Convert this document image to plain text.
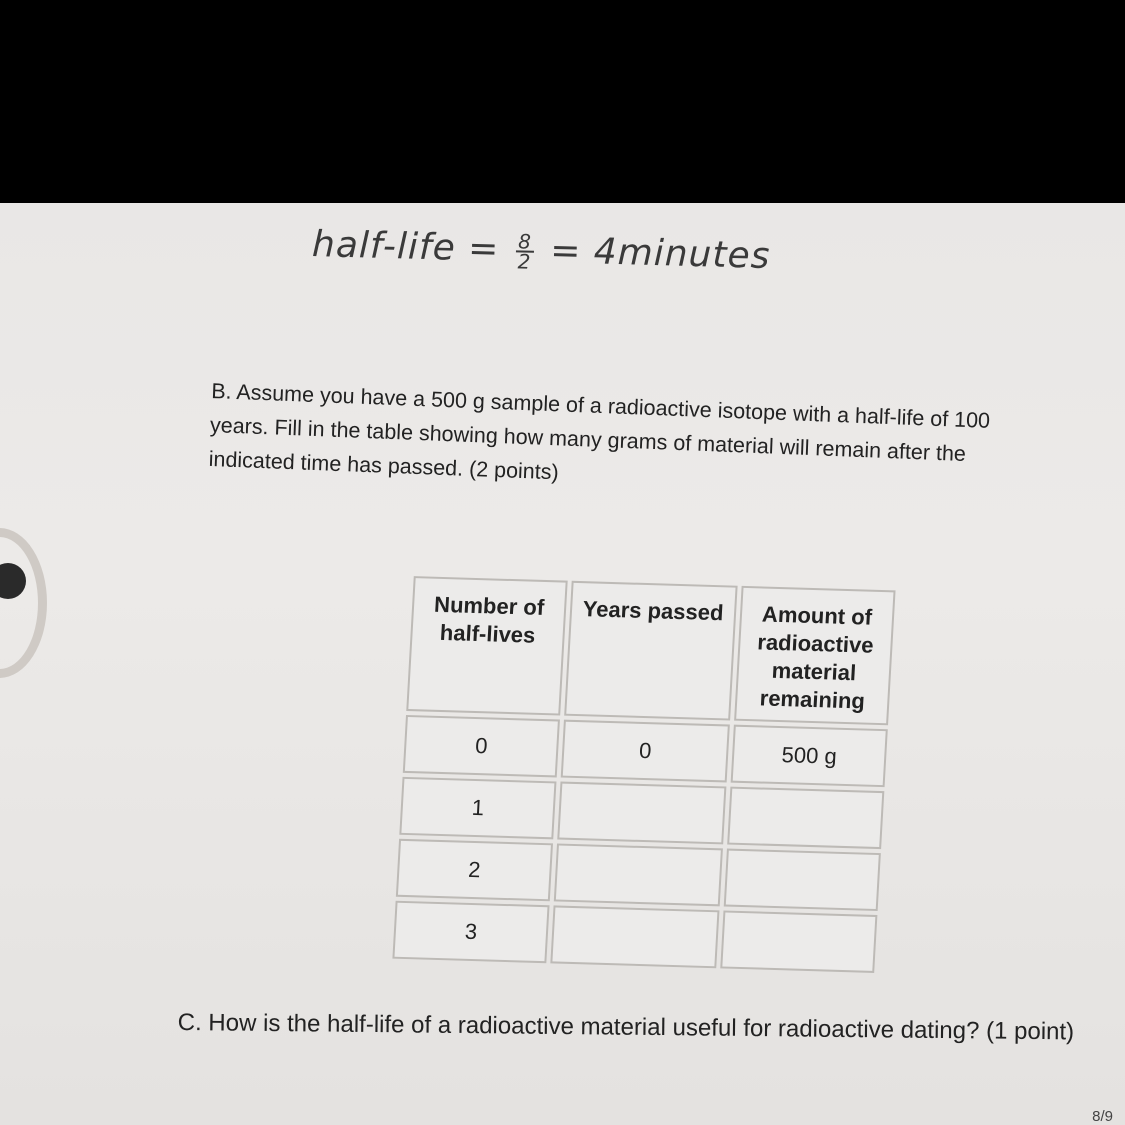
8/9
half-life = $\frac{8}{2}$ = 4minutes
B. Assume you have a 500 g sample of a radioactive isotope with a half-life of 100 years. Fill in the table showing how many grams of material will remain after the indicated time has passed. (2 points)
Number of half-lives	Years passed	Amount of radioactive material remaining
0	0	500 g
1		
2		
3		
C. How is the half-life of a radioactive material useful for radioactive dating? (1 point)
